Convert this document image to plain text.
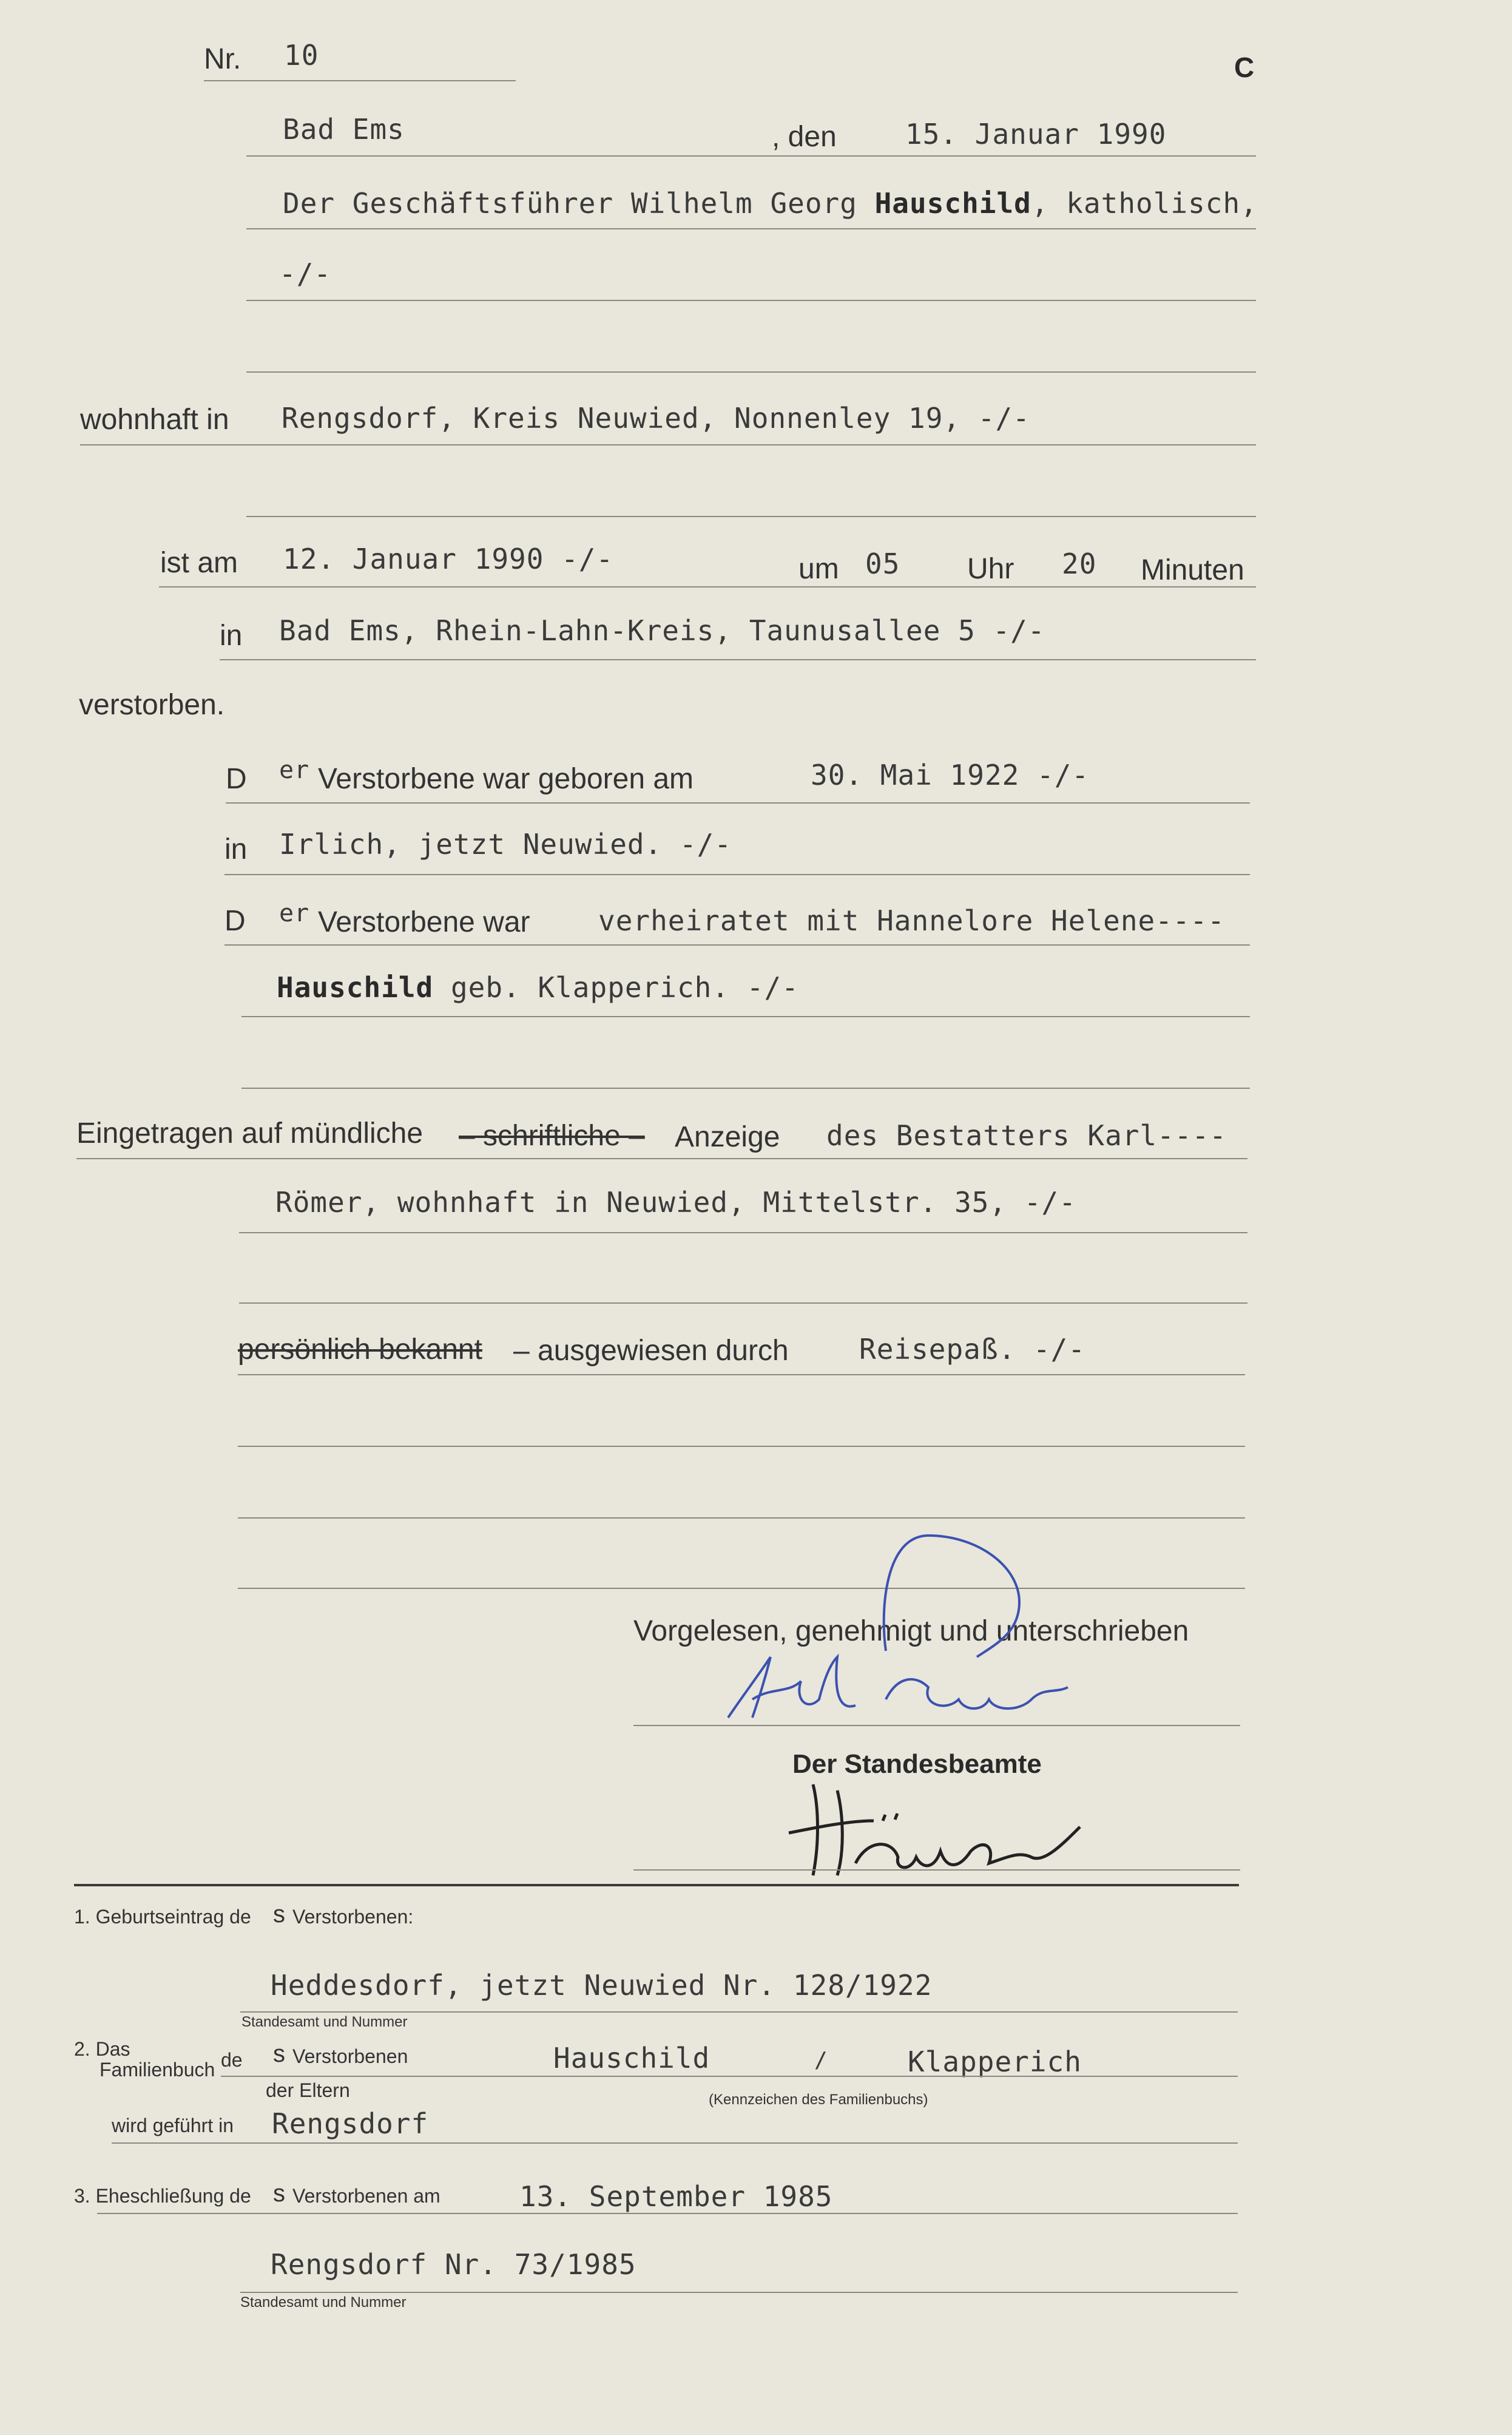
Nr. 10	C
Bad Ems	, den 15. Januar 1990
Der Geschäftsführer Wilhelm Georg Hauschild, katholisch,
-/-
wohnhaft in Rengsdorf, Kreis Neuwied, Nonnenley 19, -/-
ist am 12. Januar 1990 -/-	um 05 Uhr 20 Minuten
in Bad Ems, Rhein-Lahn-Kreis, Taunusallee 5 -/-
verstorben.
D er Verstorbene war geboren am	30. Mai 1922 -/-
in Irlich, jetzt Neuwied. -/-
D er Verstorbene war verheiratet mit Hannelore Helene----
Hauschild geb. Klapperich. -/-
Eingetragen auf mündliche – schriftliche – Anzeige des Bestatters Karl----
Römer, wohnhaft in Neuwied, Mittelstr. 35, -/-
persönlich bekannt – ausgewiesen durch	Reisepaß. -/-
Vorgelesen, genehmigt und unterschrieben
Der Standesbeamte
1. Geburtseintrag de s Verstorbenen:
Heddesdorf, jetzt Neuwied Nr. 128/1922
Standesamt und Nummer
2. Das
Familienbuch de s Verstorbenen	Hauschild	/	Klapperich
der Eltern	(Kennzeichen des Familienbuchs)
wird geführt in Rengsdorf
3. Eheschließung de s Verstorbenen am	13. September 1985
Rengsdorf Nr. 73/1985
Standesamt und Nummer
